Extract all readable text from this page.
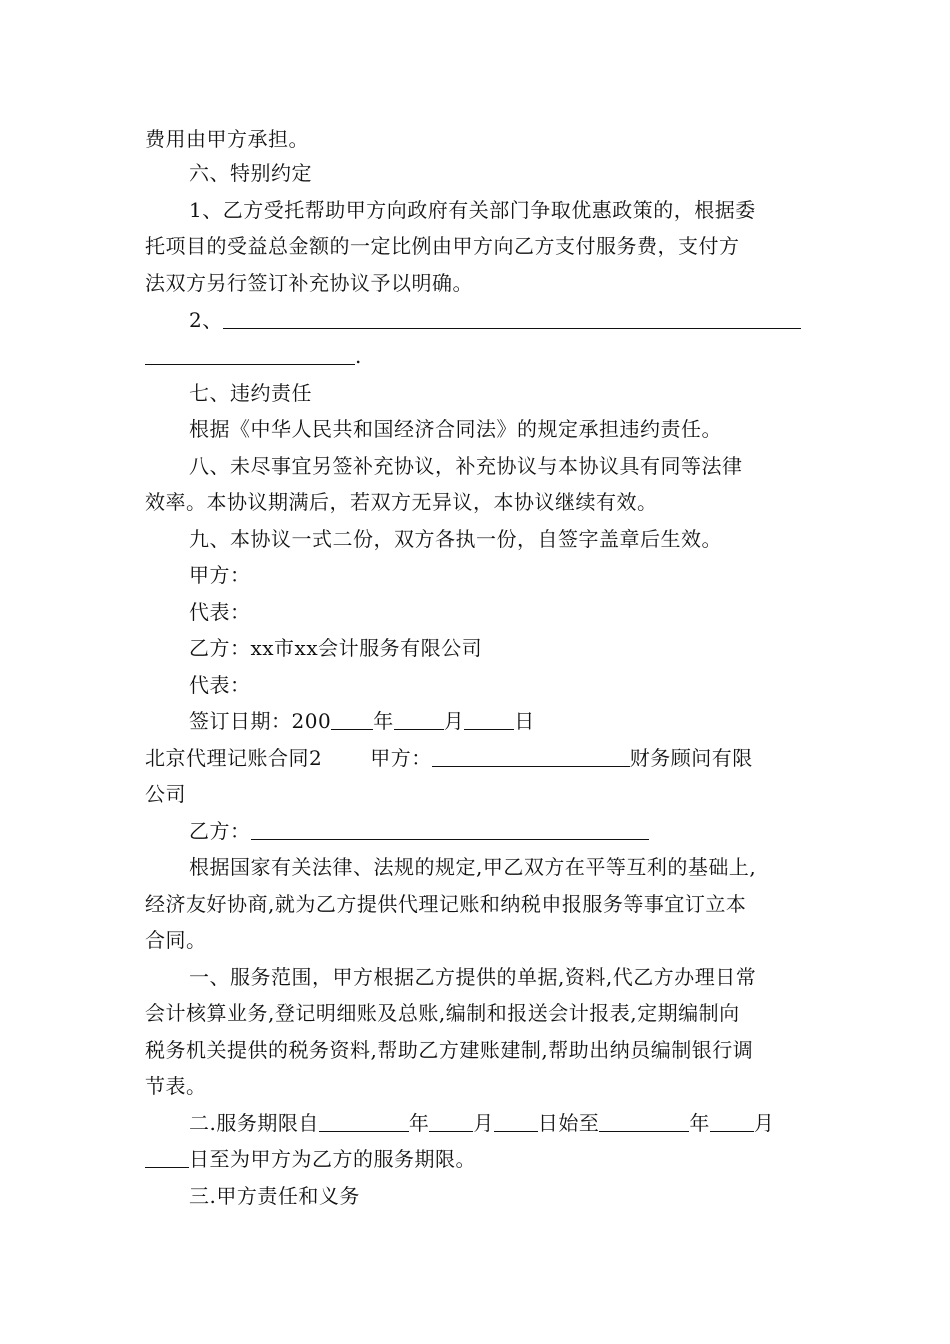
费用由甲方承担。
六、特别约定
1、乙方受托帮助甲方向政府有关部门争取优惠政策的，根据委
托项目的受益总金额的一定比例由甲方向乙方支付服务费，支付方
法双方另行签订补充协议予以明确。
2、
.
七、违约责任
根据《中华人民共和国经济合同法》的规定承担违约责任。
八、未尽事宜另签补充协议，补充协议与本协议具有同等法律
效率。本协议期满后，若双方无异议，本协议继续有效。
九、本协议一式二份，双方各执一份，自签字盖章后生效。
甲方：
代表：
乙方：xx市xx会计服务有限公司
代表：
签订日期：200 年	月	日
北京代理记账合同2 甲方：	财务顾问有限
公司
乙方：
根据国家有关法律、法规的规定,甲乙双方在平等互利的基础上,
经济友好协商,就为乙方提供代理记账和纳税申报服务等事宜订立本
合同。
一、服务范围，甲方根据乙方提供的单据,资料,代乙方办理日常
会计核算业务,登记明细账及总账,编制和报送会计报表,定期编制向
税务机关提供的税务资料,帮助乙方建账建制,帮助出纳员编制银行调
节表。
二.服务期限自	年 月 日始至	年 月
日至为甲方为乙方的服务期限。
三.甲方责任和义务
